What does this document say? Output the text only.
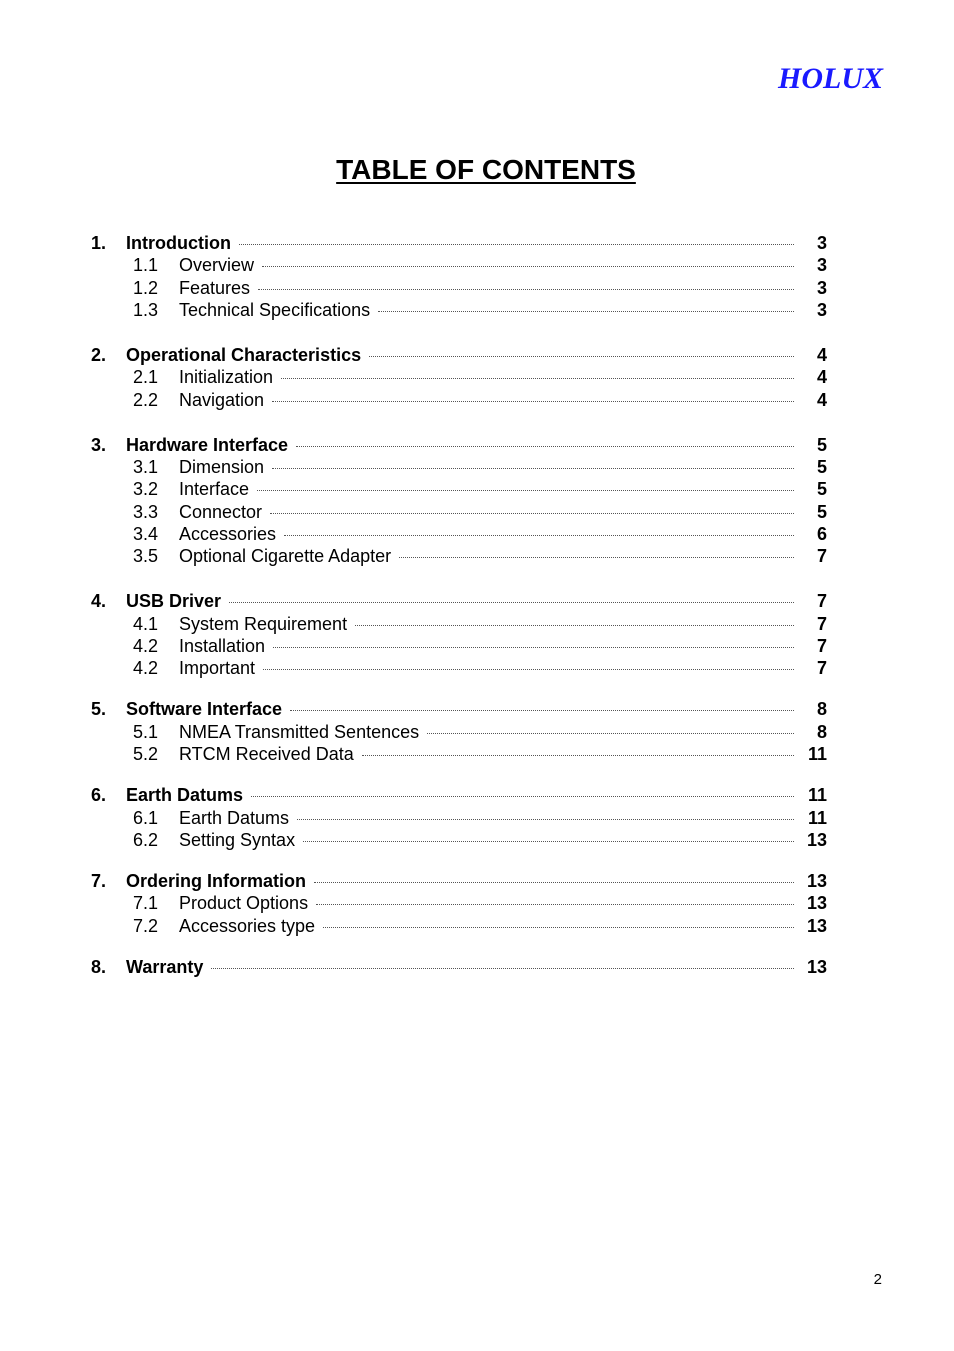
HOLUX
TABLE OF CONTENTS
1. Introduction	3
1.1 Overview	3
1.2 Features	3
1.3 Technical Specifications	3
2. Operational Characteristics	4
2.1 Initialization	4
2.2 Navigation	4
3. Hardware Interface	5
3.1 Dimension	5
3.2 Interface	5
3.3 Connector	5
3.4 Accessories	6
3.5 Optional Cigarette Adapter	7
4. USB Driver	7
4.1 System Requirement	7
4.2 Installation	7
4.2 Important	7
5. Software Interface	8
5.1 NMEA Transmitted Sentences	8
5.2 RTCM Received Data	11
6. Earth Datums	11
6.1 Earth Datums	11
6.2 Setting Syntax	13
7. Ordering Information	13
7.1 Product Options	13
7.2 Accessories type	13
8. Warranty	13
2
